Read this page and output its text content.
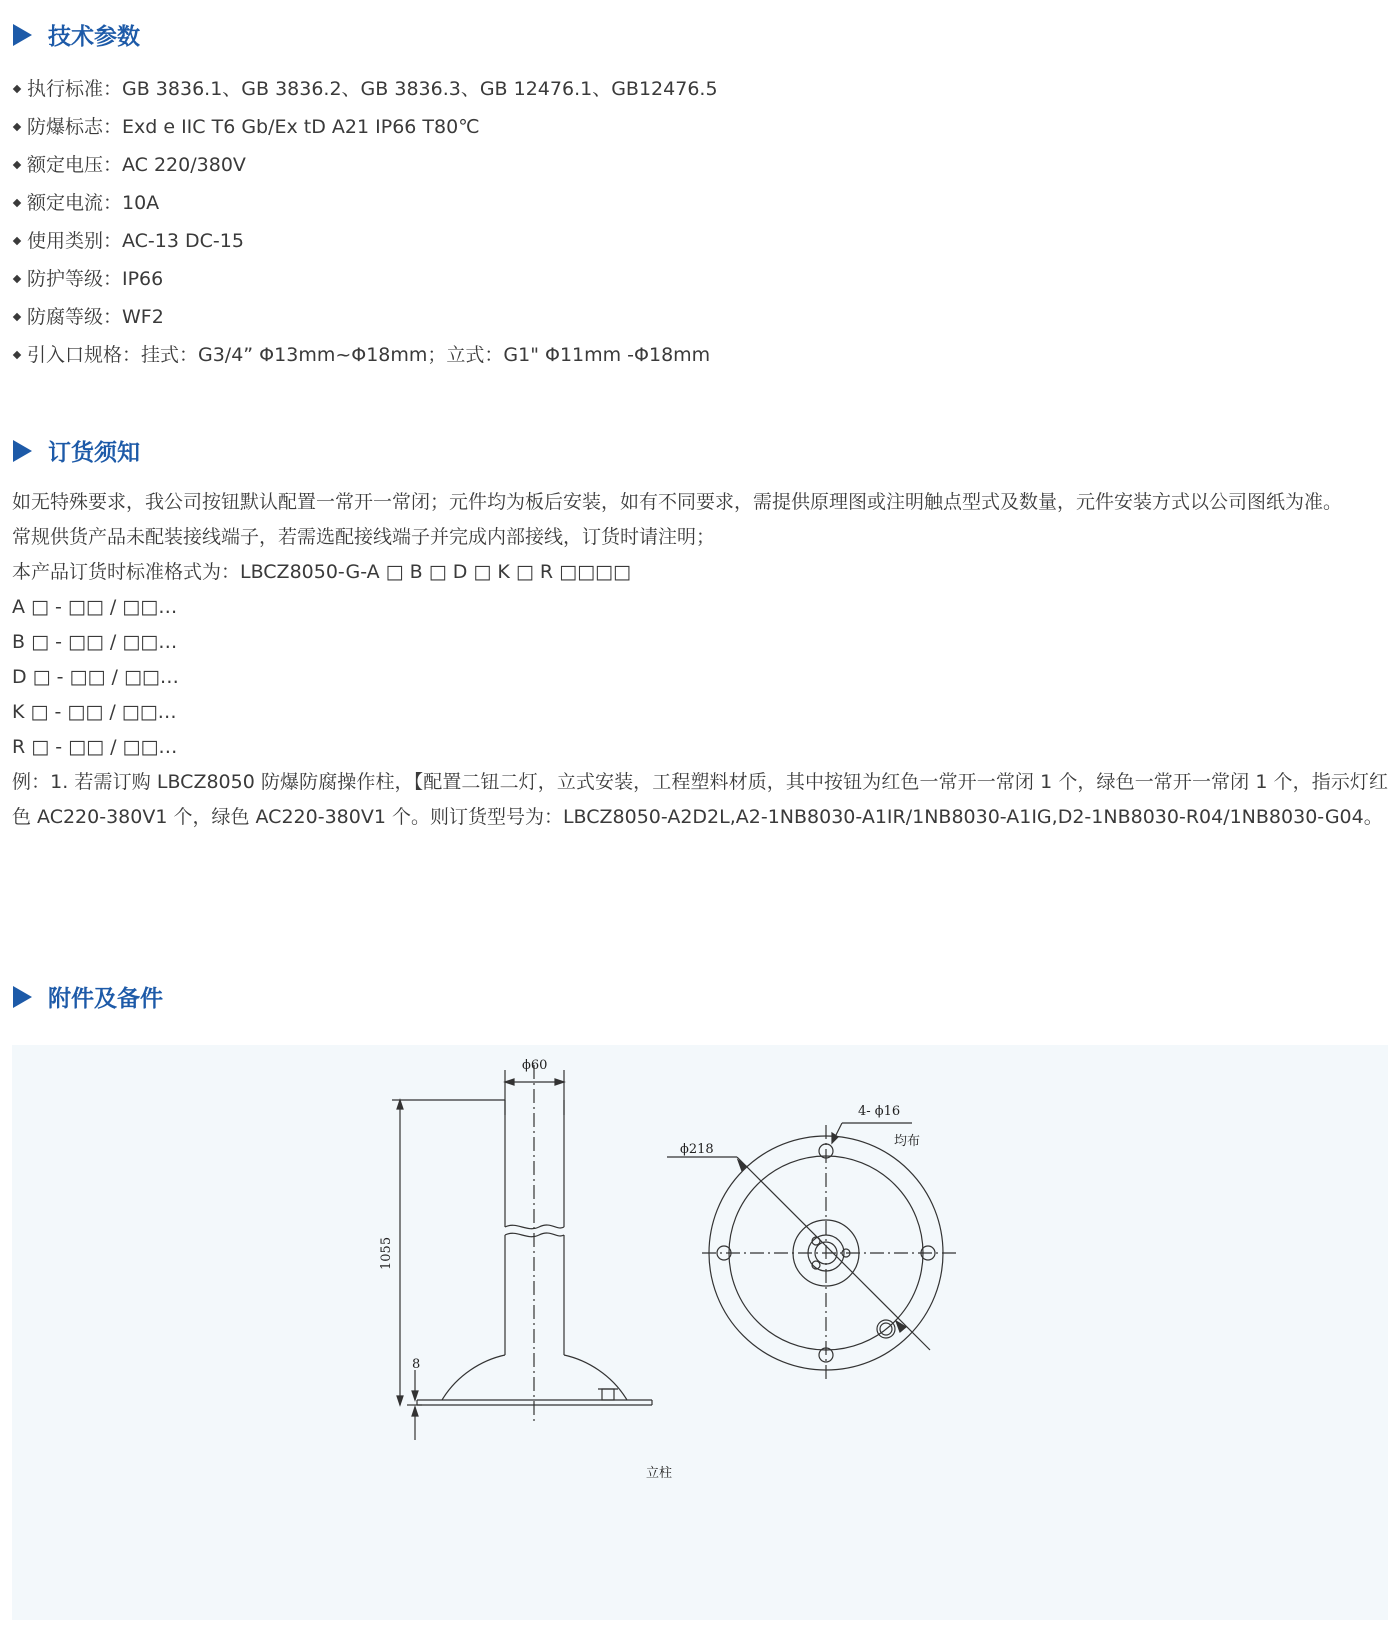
技术参数
执行标准：GB 3836.1、GB 3836.2、GB 3836.3、GB 12476.1、GB12476.5
防爆标志：Exd e IIC T6 Gb/Ex tD A21 IP66 T80℃
额定电压：AC 220/380V
额定电流：10A
使用类别：AC-13 DC-15
防护等级：IP66
防腐等级：WF2
引入口规格：挂式：G3/4” Φ13mm~Φ18mm；立式：G1" Φ11mm -Φ18mm
订货须知
如无特殊要求，我公司按钮默认配置一常开一常闭；元件均为板后安装，如有不同要求，需提供原理图或注明触点型式及数量，元件安装方式以公司图纸为准。
常规供货产品未配装接线端子，若需选配接线端子并完成内部接线，订货时请注明；
本产品订货时标准格式为：LBCZ8050-G-A □ B □ D □ K □ R □□□□
A □ - □□ / □□…
B □ - □□ / □□…
D □ - □□ / □□…
K □ - □□ / □□…
R □ - □□ / □□…
例：1. 若需订购 LBCZ8050 防爆防腐操作柱，【配置二钮二灯，立式安装，工程塑料材质，其中按钮为红色一常开一常闭 1 个，绿色一常开一常闭 1 个，指示灯红色 AC220-380V1 个，绿色 AC220-380V1 个。则订货型号为：LBCZ8050-A2D2L,A2-1NB8030-A1IR/1NB8030-A1IG,D2-1NB8030-R04/1NB8030-G04。
附件及备件
ϕ60
1055
8
ϕ218
4- ϕ16
均布
立柱
